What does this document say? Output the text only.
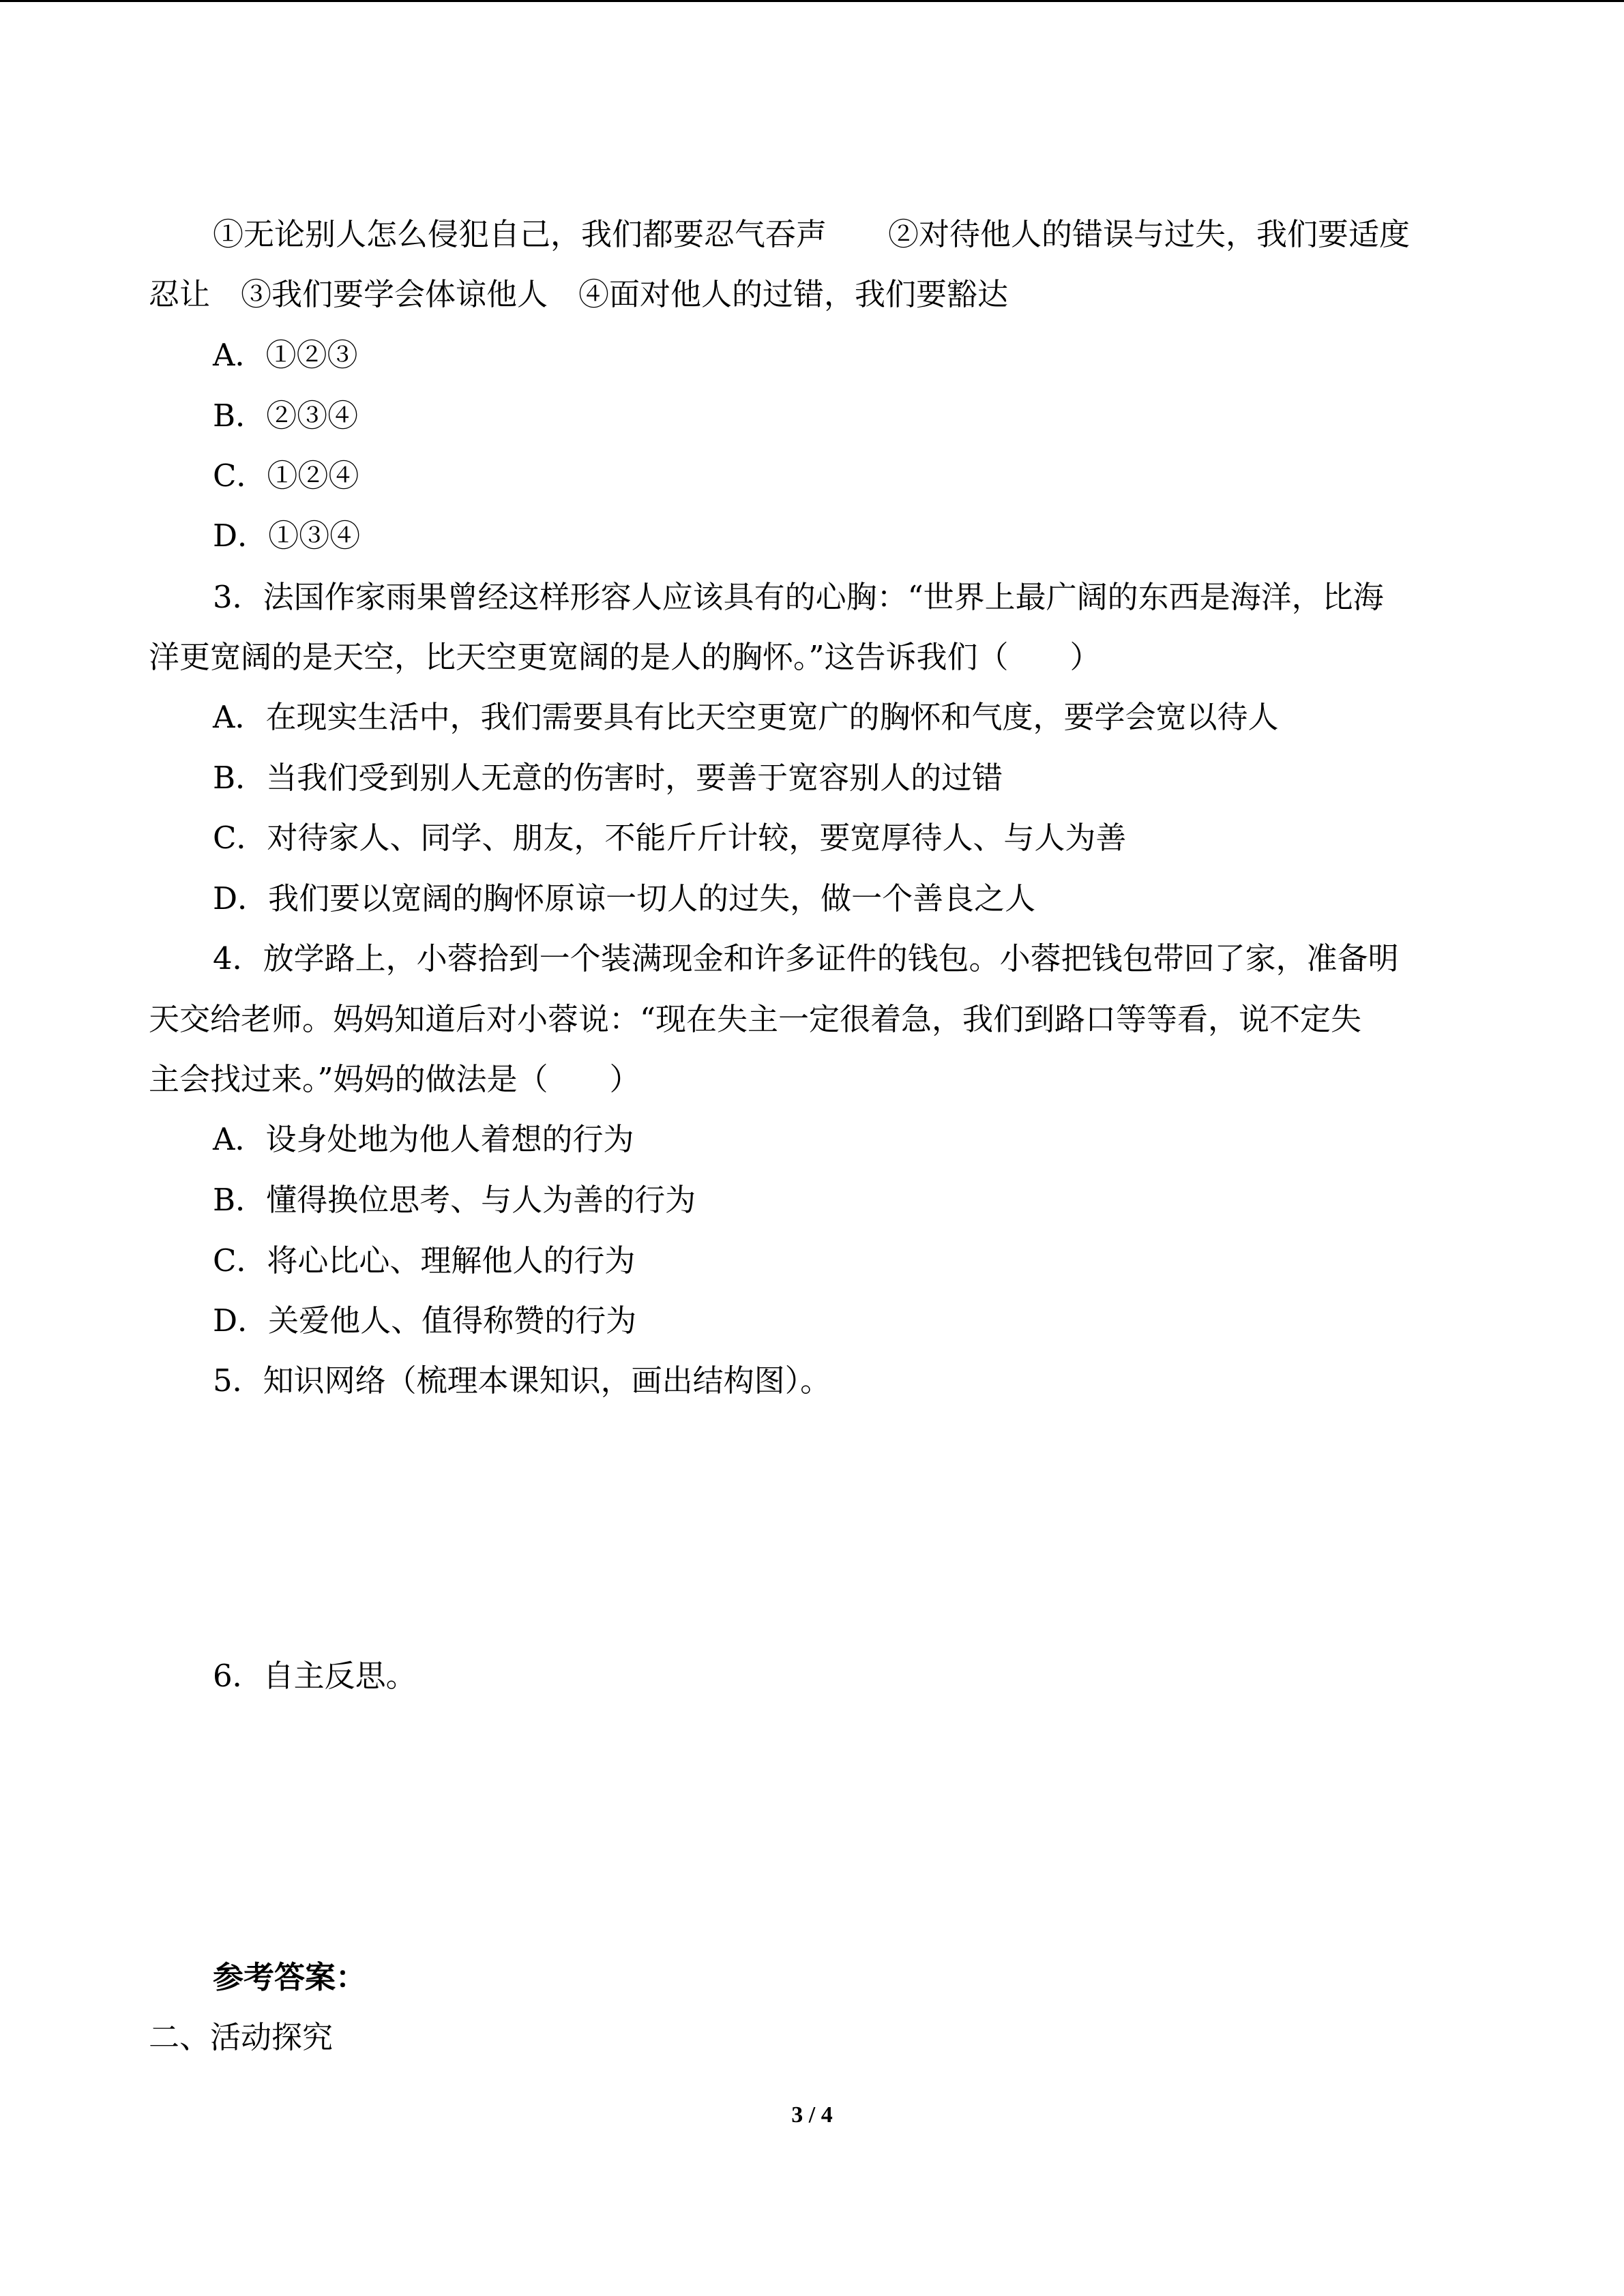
①无论别人怎么侵犯自己，我们都要忍气吞声　　②对待他人的错误与过失，我们要适度
忍让　③我们要学会体谅他人　④面对他人的过错，我们要豁达
A．①②③
B．②③④
C．①②④
D．①③④
3．法国作家雨果曾经这样形容人应该具有的心胸：“世界上最广阔的东西是海洋，比海
洋更宽阔的是天空，比天空更宽阔的是人的胸怀。”这告诉我们（　　）
A．在现实生活中，我们需要具有比天空更宽广的胸怀和气度，要学会宽以待人
B．当我们受到别人无意的伤害时，要善于宽容别人的过错
C．对待家人、同学、朋友，不能斤斤计较，要宽厚待人、与人为善
D．我们要以宽阔的胸怀原谅一切人的过失，做一个善良之人
4．放学路上，小蓉拾到一个装满现金和许多证件的钱包。小蓉把钱包带回了家，准备明
天交给老师。妈妈知道后对小蓉说：“现在失主一定很着急，我们到路口等等看，说不定失
主会找过来。”妈妈的做法是（　　）
A．设身处地为他人着想的行为
B．懂得换位思考、与人为善的行为
C．将心比心、理解他人的行为
D．关爱他人、值得称赞的行为
5．知识网络（梳理本课知识，画出结构图）。
6．自主反思。
参考答案：
二、活动探究
3 / 4
